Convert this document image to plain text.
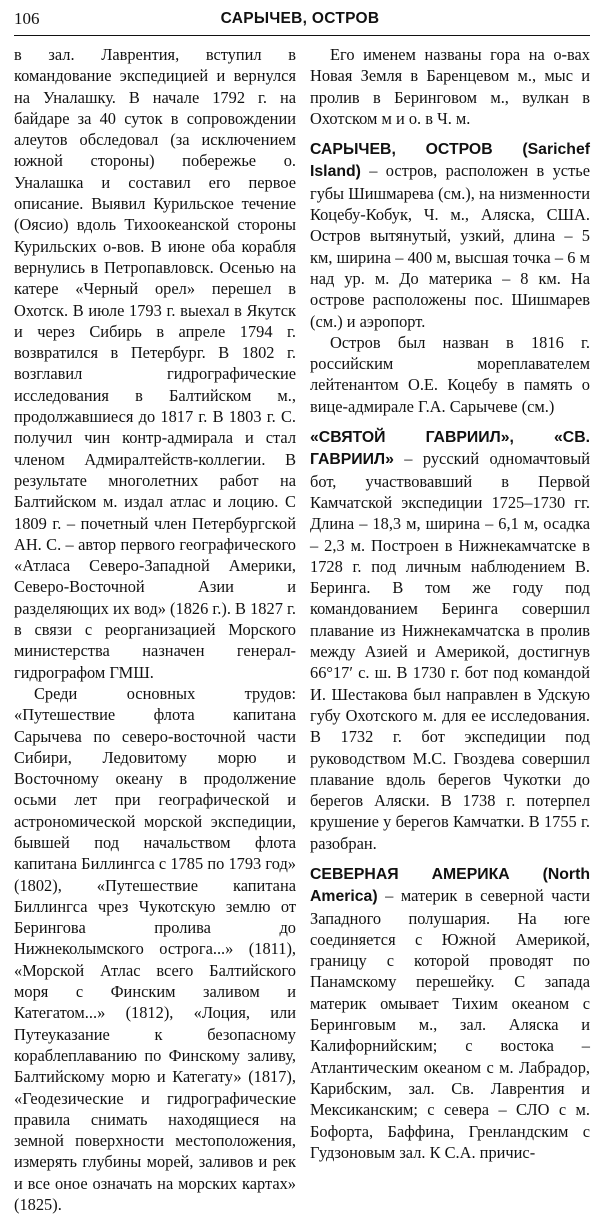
106	САРЫЧЕВ, ОСТРОВ

в зал. Лаврентия, вступил в командование экспедицией и вернулся на Уналашку. В начале 1792 г. на байдаре за 40 суток в сопровождении алеутов обследовал (за исключением южной стороны) побережье о. Уналашка и составил его первое описание. Выявил Курильское течение (Оясио) вдоль Тихоокеанской стороны Курильских о-вов. В июне оба корабля вернулись в Петропавловск. Осенью на катере «Черный орел» перешел в Охотск. В июле 1793 г. выехал в Якутск и через Сибирь в апреле 1794 г. возвратился в Петербург. В 1802 г. возглавил гидрографические исследования в Балтийском м., продолжавшиеся до 1817 г. В 1803 г. С. получил чин контр-адмирала и стал членом Адмиралтейств-коллегии. В результате многолетних работ на Балтийском м. издал атлас и лоцию. С 1809 г. – почетный член Петербургской АН. С. – автор первого географического «Атласа Северо-Западной Америки, Северо-Восточной Азии и разделяющих их вод» (1826 г.). В 1827 г. в связи с реорганизацией Морского министерства назначен генерал-гидрографом ГМШ.

Среди основных трудов: «Путешествие флота капитана Сарычева по северо-восточной части Сибири, Ледовитому морю и Восточному океану в продолжение осьми лет при географической и астрономической морской экспедиции, бывшей под начальством флота капитана Биллингса с 1785 по 1793 год» (1802), «Путешествие капитана Биллингса чрез Чукотскую землю от Берингова пролива до Нижнеколымского острога...» (1811), «Морской Атлас всего Балтийского моря с Финским заливом и Категатом...» (1812), «Лоция, или Путеуказание к безопасному кораблеплаванию по Финскому заливу, Балтийскому морю и Категату» (1817), «Геодезические и гидрографические правила снимать находящиеся на земной поверхности местоположения, измерять глубины морей, заливов и рек и все оное означать на морских картах» (1825).

Его именем названы гора на о-вах Новая Земля в Баренцевом м., мыс и пролив в Беринговом м., вулкан в Охотском м и о. в Ч. м.

САРЫЧЕВ, ОСТРОВ (Sarichef Island) – остров, расположен в устье губы Шишмарева (см.), на низменности Коцебу-Кобук, Ч. м., Аляска, США. Остров вытянутый, узкий, длина – 5 км, ширина – 400 м, высшая точка – 6 м над ур. м. До материка – 8 км. На острове расположены пос. Шишмарев (см.) и аэропорт.

Остров был назван в 1816 г. российским мореплавателем лейтенантом О.Е. Коцебу в память о вице-адмирале Г.А. Сарычеве (см.)

«СВЯТОЙ ГАВРИИЛ», «СВ. ГАВРИИЛ» – русский одномачтовый бот, участвовавший в Первой Камчатской экспедиции 1725–1730 гг. Длина – 18,3 м, ширина – 6,1 м, осадка – 2,3 м. Построен в Нижнекамчатске в 1728 г. под личным наблюдением В. Беринга. В том же году под командованием Беринга совершил плавание из Нижнекамчатска в пролив между Азией и Америкой, достигнув 66°17′ с. ш. В 1730 г. бот под командой И. Шестакова был направлен в Удскую губу Охотского м. для ее исследования. В 1732 г. бот экспедиции под руководством М.С. Гвоздева совершил плавание вдоль берегов Чукотки до берегов Аляски. В 1738 г. потерпел крушение у берегов Камчатки. В 1755 г. разобран.

СЕВЕРНАЯ АМЕРИКА (North America) – материк в северной части Западного полушария. На юге соединяется с Южной Америкой, границу с которой проводят по Панамскому перешейку. С запада материк омывает Тихим океаном с Беринговым м., зал. Аляска и Калифорнийским; с востока – Атлантическим океаном с м. Лабрадор, Карибским, зал. Св. Лаврентия и Мексиканским; с севера – СЛО с м. Бофорта, Баффина, Гренландским с Гудзоновым зал. К С.А. причис-
